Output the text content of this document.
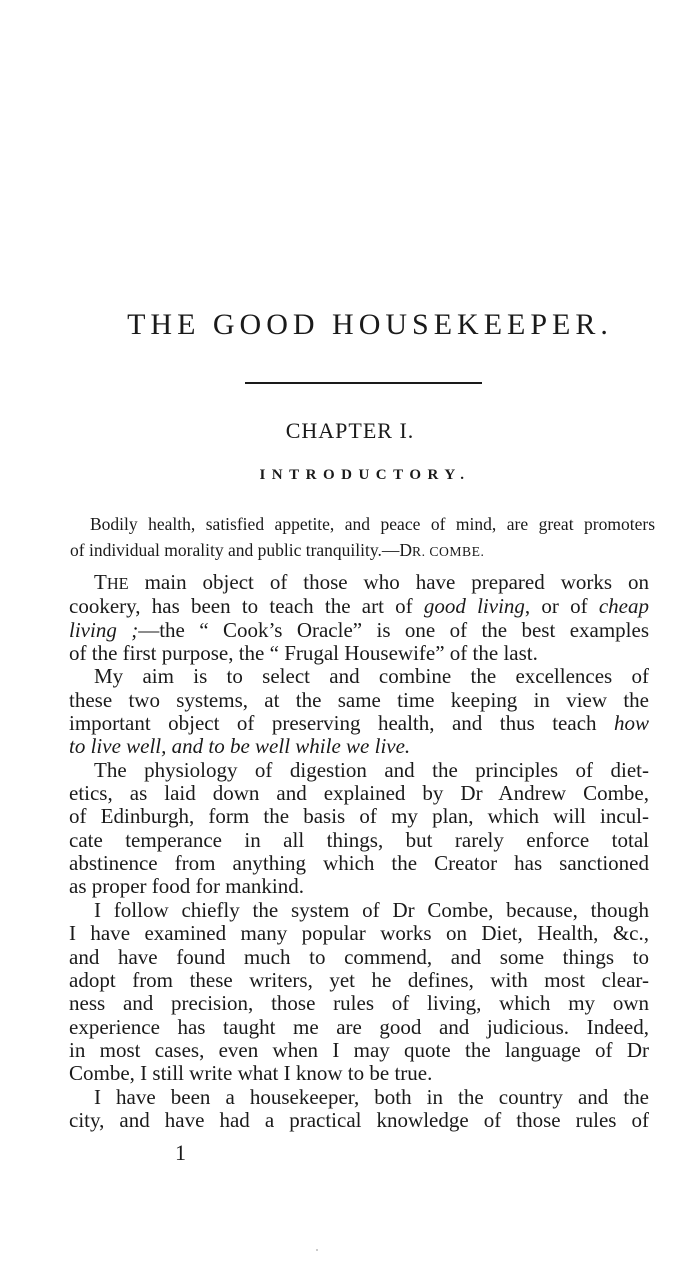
THE GOOD HOUSEKEEPER.
CHAPTER I.
INTRODUCTORY.
Bodily health, satisfied appetite, and peace of mind, are great promoters
of individual morality and public tranquility.—DR. COMBE.
THE main object of those who have prepared works on
cookery, has been to teach the art of good living, or of cheap
living ;—the “ Cook’s Oracle” is one of the best examples
of the first purpose, the “ Frugal Housewife” of the last.
My aim is to select and combine the excellences of
these two systems, at the same time keeping in view the
important object of preserving health, and thus teach how
to live well, and to be well while we live.
The physiology of digestion and the principles of diet-
etics, as laid down and explained by Dr Andrew Combe,
of Edinburgh, form the basis of my plan, which will incul-
cate temperance in all things, but rarely enforce total
abstinence from anything which the Creator has sanctioned
as proper food for mankind.
I follow chiefly the system of Dr Combe, because, though
I have examined many popular works on Diet, Health, &c.,
and have found much to commend, and some things to
adopt from these writers, yet he defines, with most clear-
ness and precision, those rules of living, which my own
experience has taught me are good and judicious. Indeed,
in most cases, even when I may quote the language of Dr
Combe, I still write what I know to be true.
I have been a housekeeper, both in the country and the
city, and have had a practical knowledge of those rules of
1
